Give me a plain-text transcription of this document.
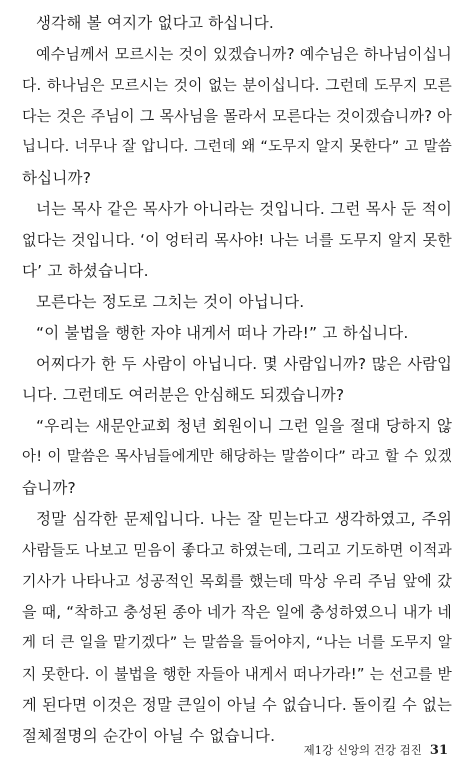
생각해 볼 여지가 없다고 하십니다.
예수님께서 모르시는 것이 있겠습니까? 예수님은 하나님이십니
다. 하나님은 모르시는 것이 없는 분이십니다. 그런데 도무지 모른
다는 것은 주님이 그 목사님을 몰라서 모른다는 것이겠습니까? 아
닙니다. 너무나 잘 압니다. 그런데 왜 “도무지 알지 못한다” 고 말씀
하십니까?
너는 목사 같은 목사가 아니라는 것입니다. 그런 목사 둔 적이
없다는 것입니다. ‘이 엉터리 목사야! 나는 너를 도무지 알지 못한
다’ 고 하셨습니다.
모른다는 정도로 그치는 것이 아닙니다.
“이 불법을 행한 자야 내게서 떠나 가라!” 고 하십니다.
어찌다가 한 두 사람이 아닙니다. 몇 사람입니까? 많은 사람입
니다. 그런데도 여러분은 안심해도 되겠습니까?
“우리는 새문안교회 청년 회원이니 그런 일을 절대 당하지 않
아! 이 말씀은 목사님들에게만 해당하는 말씀이다” 라고 할 수 있겠
습니까?
정말 심각한 문제입니다. 나는 잘 믿는다고 생각하였고, 주위
사람들도 나보고 믿음이 좋다고 하였는데, 그리고 기도하면 이적과
기사가 나타나고 성공적인 목회를 했는데 막상 우리 주님 앞에 갔
을 때, “착하고 충성된 종아 네가 작은 일에 충성하였으니 내가 네
게 더 큰 일을 맡기겠다” 는 말씀을 들어야지, “나는 너를 도무지 알
지 못한다. 이 불법을 행한 자들아 내게서 떠나가라!” 는 선고를 받
게 된다면 이것은 정말 큰일이 아닐 수 없습니다. 돌이킬 수 없는
절체절명의 순간이 아닐 수 없습니다.
제1강 신앙의 건강 검진 31
